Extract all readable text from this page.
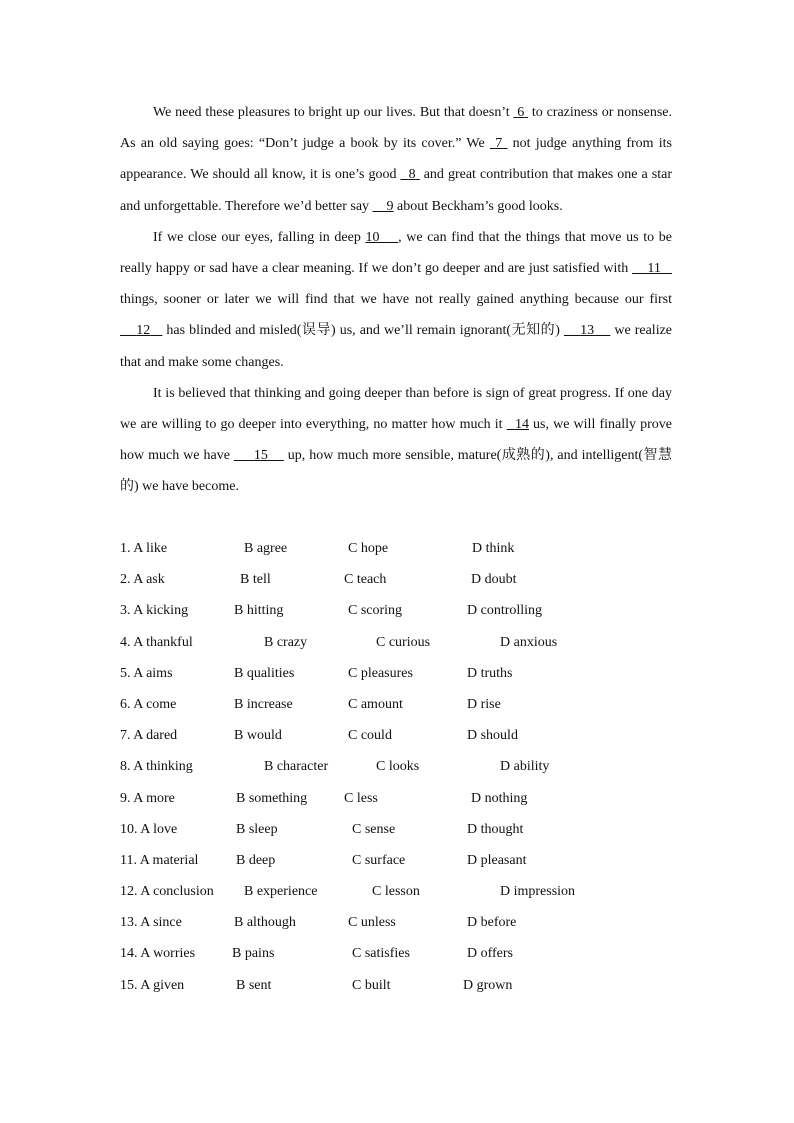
We need these pleasures to bright up our lives. But that doesn’t  6  to craziness or nonsense. As an old saying goes: “Don’t judge a book by its cover.” We  7  not judge anything from its appearance. We should all know, it is one’s good   8  and great contribution that makes one a star and unforgettable. Therefore we’d better say     9 about Beckham’s good looks.

If we close our eyes, falling in deep 10 , we can find that the things that move us to be really happy or sad have a clear meaning. If we don’t go deeper and are just satisfied with     11    things, sooner or later we will find that we have not really gained anything because our first     12    has blinded and misled(误导) us, and we’ll remain ignorant(无知的)     13     we realize that and make some changes.

It is believed that thinking and going deeper than before is sign of great progress. If one day we are willing to go deeper into everything, no matter how much it   14 us, we will finally prove how much we have      15     up, how much more sensible, mature(成熟的), and intelligent(智慧的) we have become.

1. A like	B agree	C hope	D think
2. A ask	B tell	C teach	D doubt
3. A kicking	B hitting	C scoring	D controlling
4. A thankful	B crazy	C curious	D anxious
5. A aims	B qualities	C pleasures	D truths
6. A come	B increase	C amount	D rise
7. A dared	B would	C could	D should
8. A thinking	B character	C looks	D ability
9. A more	B something	C less	D nothing
10. A love	B sleep	C sense	D thought
11. A material	B deep	C surface	D pleasant
12. A conclusion B experience	C lesson	D impression
13. A since	B although	C unless	D before
14. A worries	B pains	C satisfies	D offers
15. A given	B sent	C built	D grown
